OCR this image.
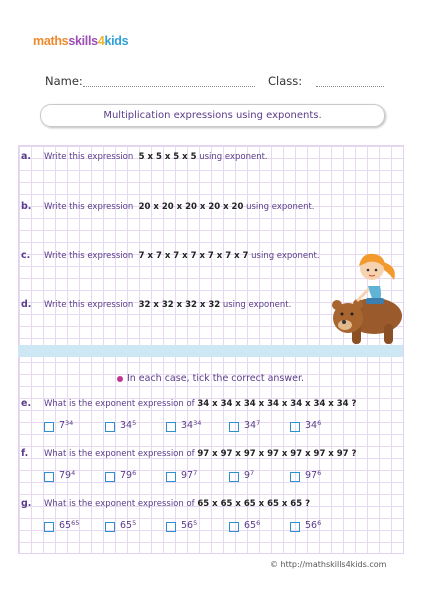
mathsskills4kids
Name:	Class:
Multiplication expressions using exponents.
a. Write this expression 5 x 5 x 5 x 5 using exponent.
b. Write this expression 20 x 20 x 20 x 20 x 20 using exponent.
c. Write this expression 7 x 7 x 7 x 7 x 7 x 7 x 7 using exponent.
d. Write this expression 32 x 32 x 32 x 32 using exponent.
In each case, tick the correct answer.
e. What is the exponent expression of 34 x 34 x 34 x 34 x 34 x 34 x 34 ?
$7^{34}$	$34^5$	$34^{34}$	$34^7$	$34^6$
f. What is the exponent expression of 97 x 97 x 97 x 97 x 97 x 97 x 97 ?
$79^4$	$79^6$	$97^7$	$9^7$	$97^6$
g. What is the exponent expression of 65 x 65 x 65 x 65 x 65 ?
$65^{65}$	$65^5$	$56^5$	$65^6$	$56^6$
© http://mathskills4kids.com
